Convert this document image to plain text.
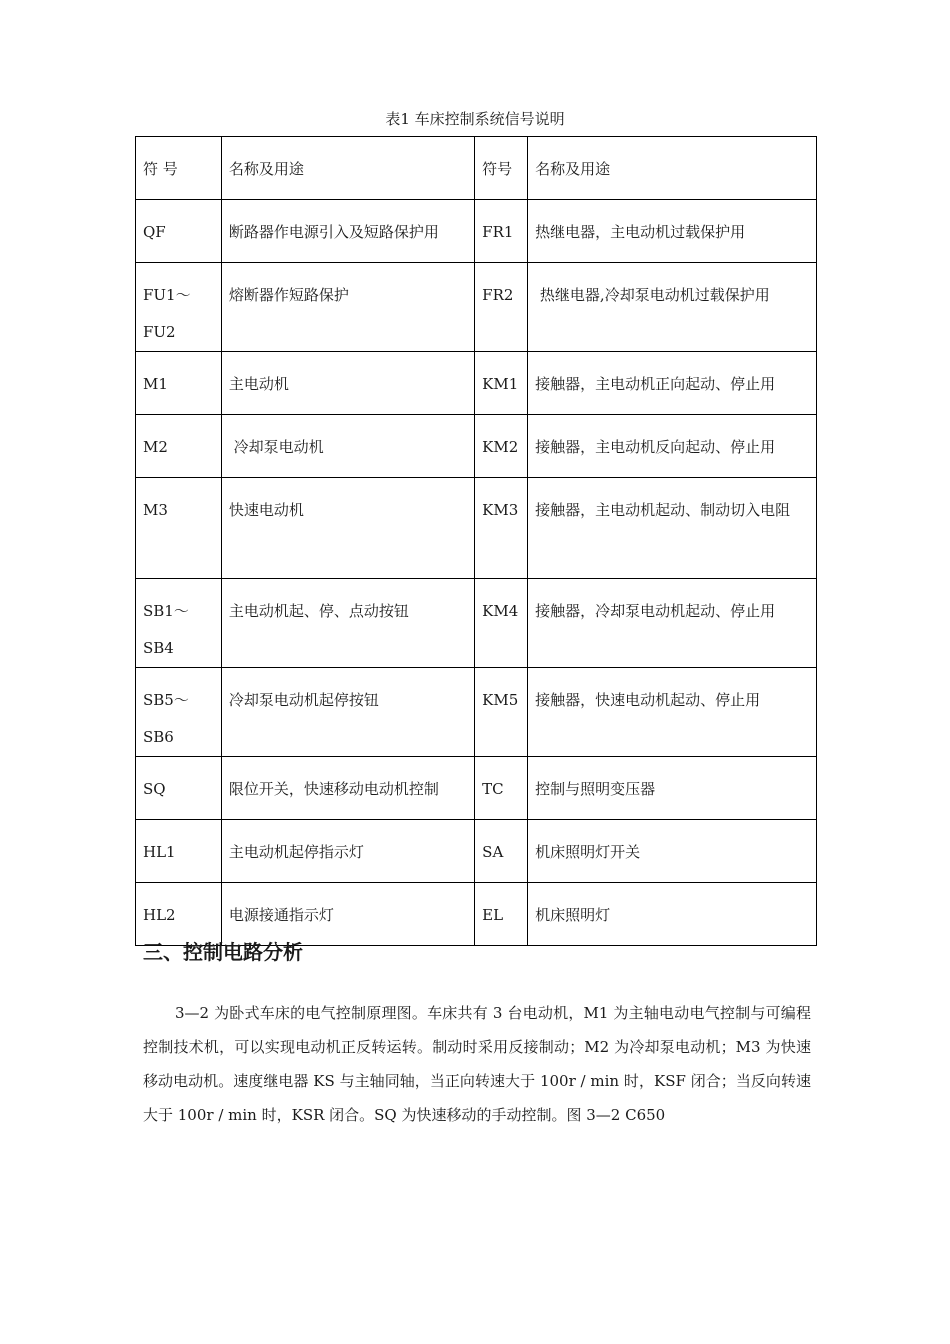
表1 车床控制系统信号说明
符 号	名称及用途	符号	名称及用途
QF	断路器作电源引入及短路保护用	FR1	热继电器，主电动机过载保护用
FU1～FU2	熔断器作短路保护	FR2	热继电器,冷却泵电动机过载保护用
M1	主电动机	KM1	接触器，主电动机正向起动、停止用
M2	冷却泵电动机	KM2	接触器，主电动机反向起动、停止用
M3	快速电动机	KM3	接触器，主电动机起动、制动切入电阻
SB1～SB4	主电动机起、停、点动按钮	KM4	接触器，冷却泵电动机起动、停止用
SB5～SB6	冷却泵电动机起停按钮	KM5	接触器，快速电动机起动、停止用
SQ	限位开关，快速移动电动机控制	TC	控制与照明变压器
HL1	主电动机起停指示灯	SA	机床照明灯开关
HL2	电源接通指示灯	EL	机床照明灯
三、控制电路分析

3—2 为卧式车床的电气控制原理图。车床共有 3 台电动机，M1 为主轴电动电气控制与可编程控制技术机，可以实现电动机正反转运转。制动时采用反接制动；M2 为冷却泵电动机；M3 为快速移动电动机。速度继电器 KS 与主轴同轴，当正向转速大于 100r / min 时，KSF 闭合；当反向转速大于 100r / min 时，KSR 闭合。SQ 为快速移动的手动控制。图 3—2 C650
